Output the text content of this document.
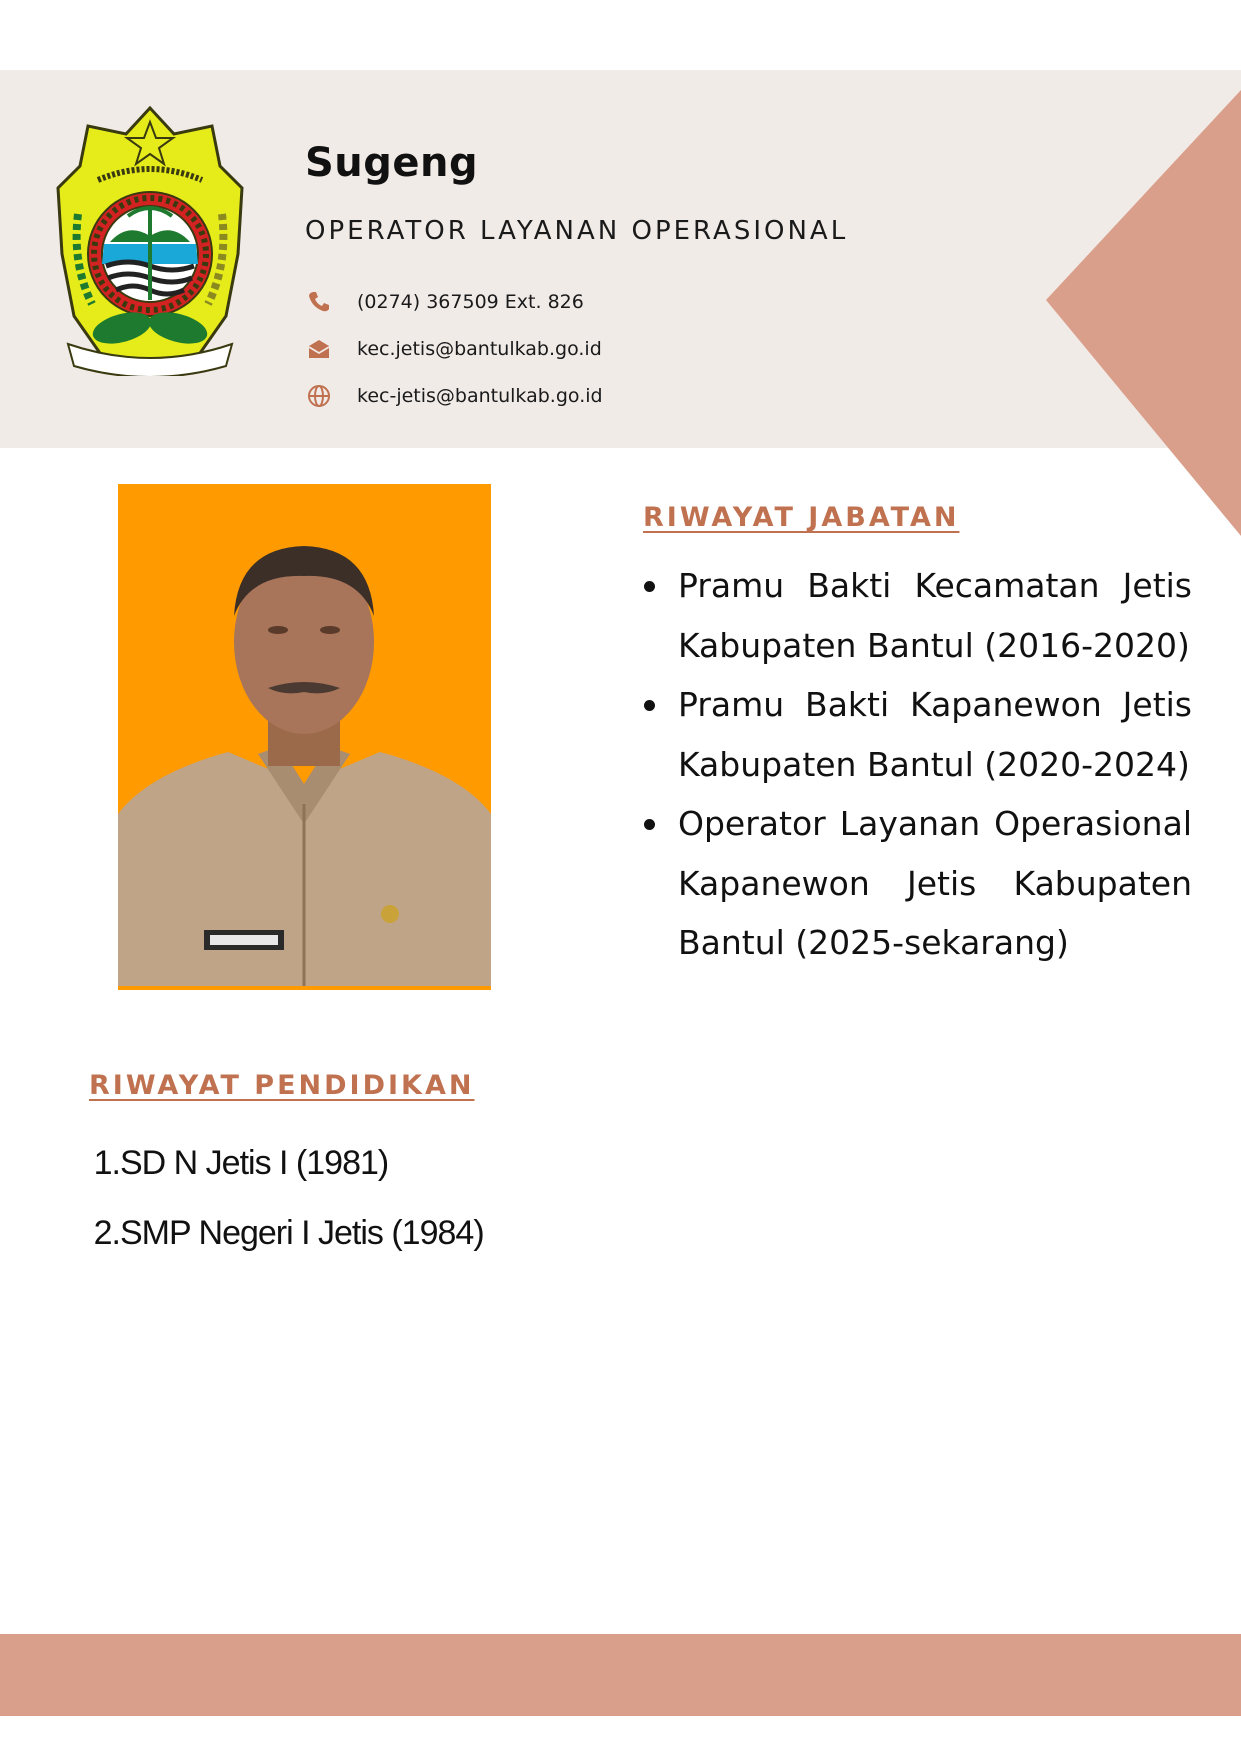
Sugeng
OPERATOR LAYANAN OPERASIONAL
(0274) 367509 Ext. 826
kec.jetis@bantulkab.go.id
kec-jetis@bantulkab.go.id
RIWAYAT JABATAN
Pramu Bakti Kecamatan Jetis Kabupaten Bantul (2016-2020)
Pramu Bakti Kapanewon Jetis Kabupaten Bantul (2020-2024)
Operator Layanan Operasional Kapanewon Jetis Kabupaten Bantul (2025-sekarang)
RIWAYAT PENDIDIKAN
1. SD N Jetis I (1981)
2. SMP Negeri I Jetis (1984)
